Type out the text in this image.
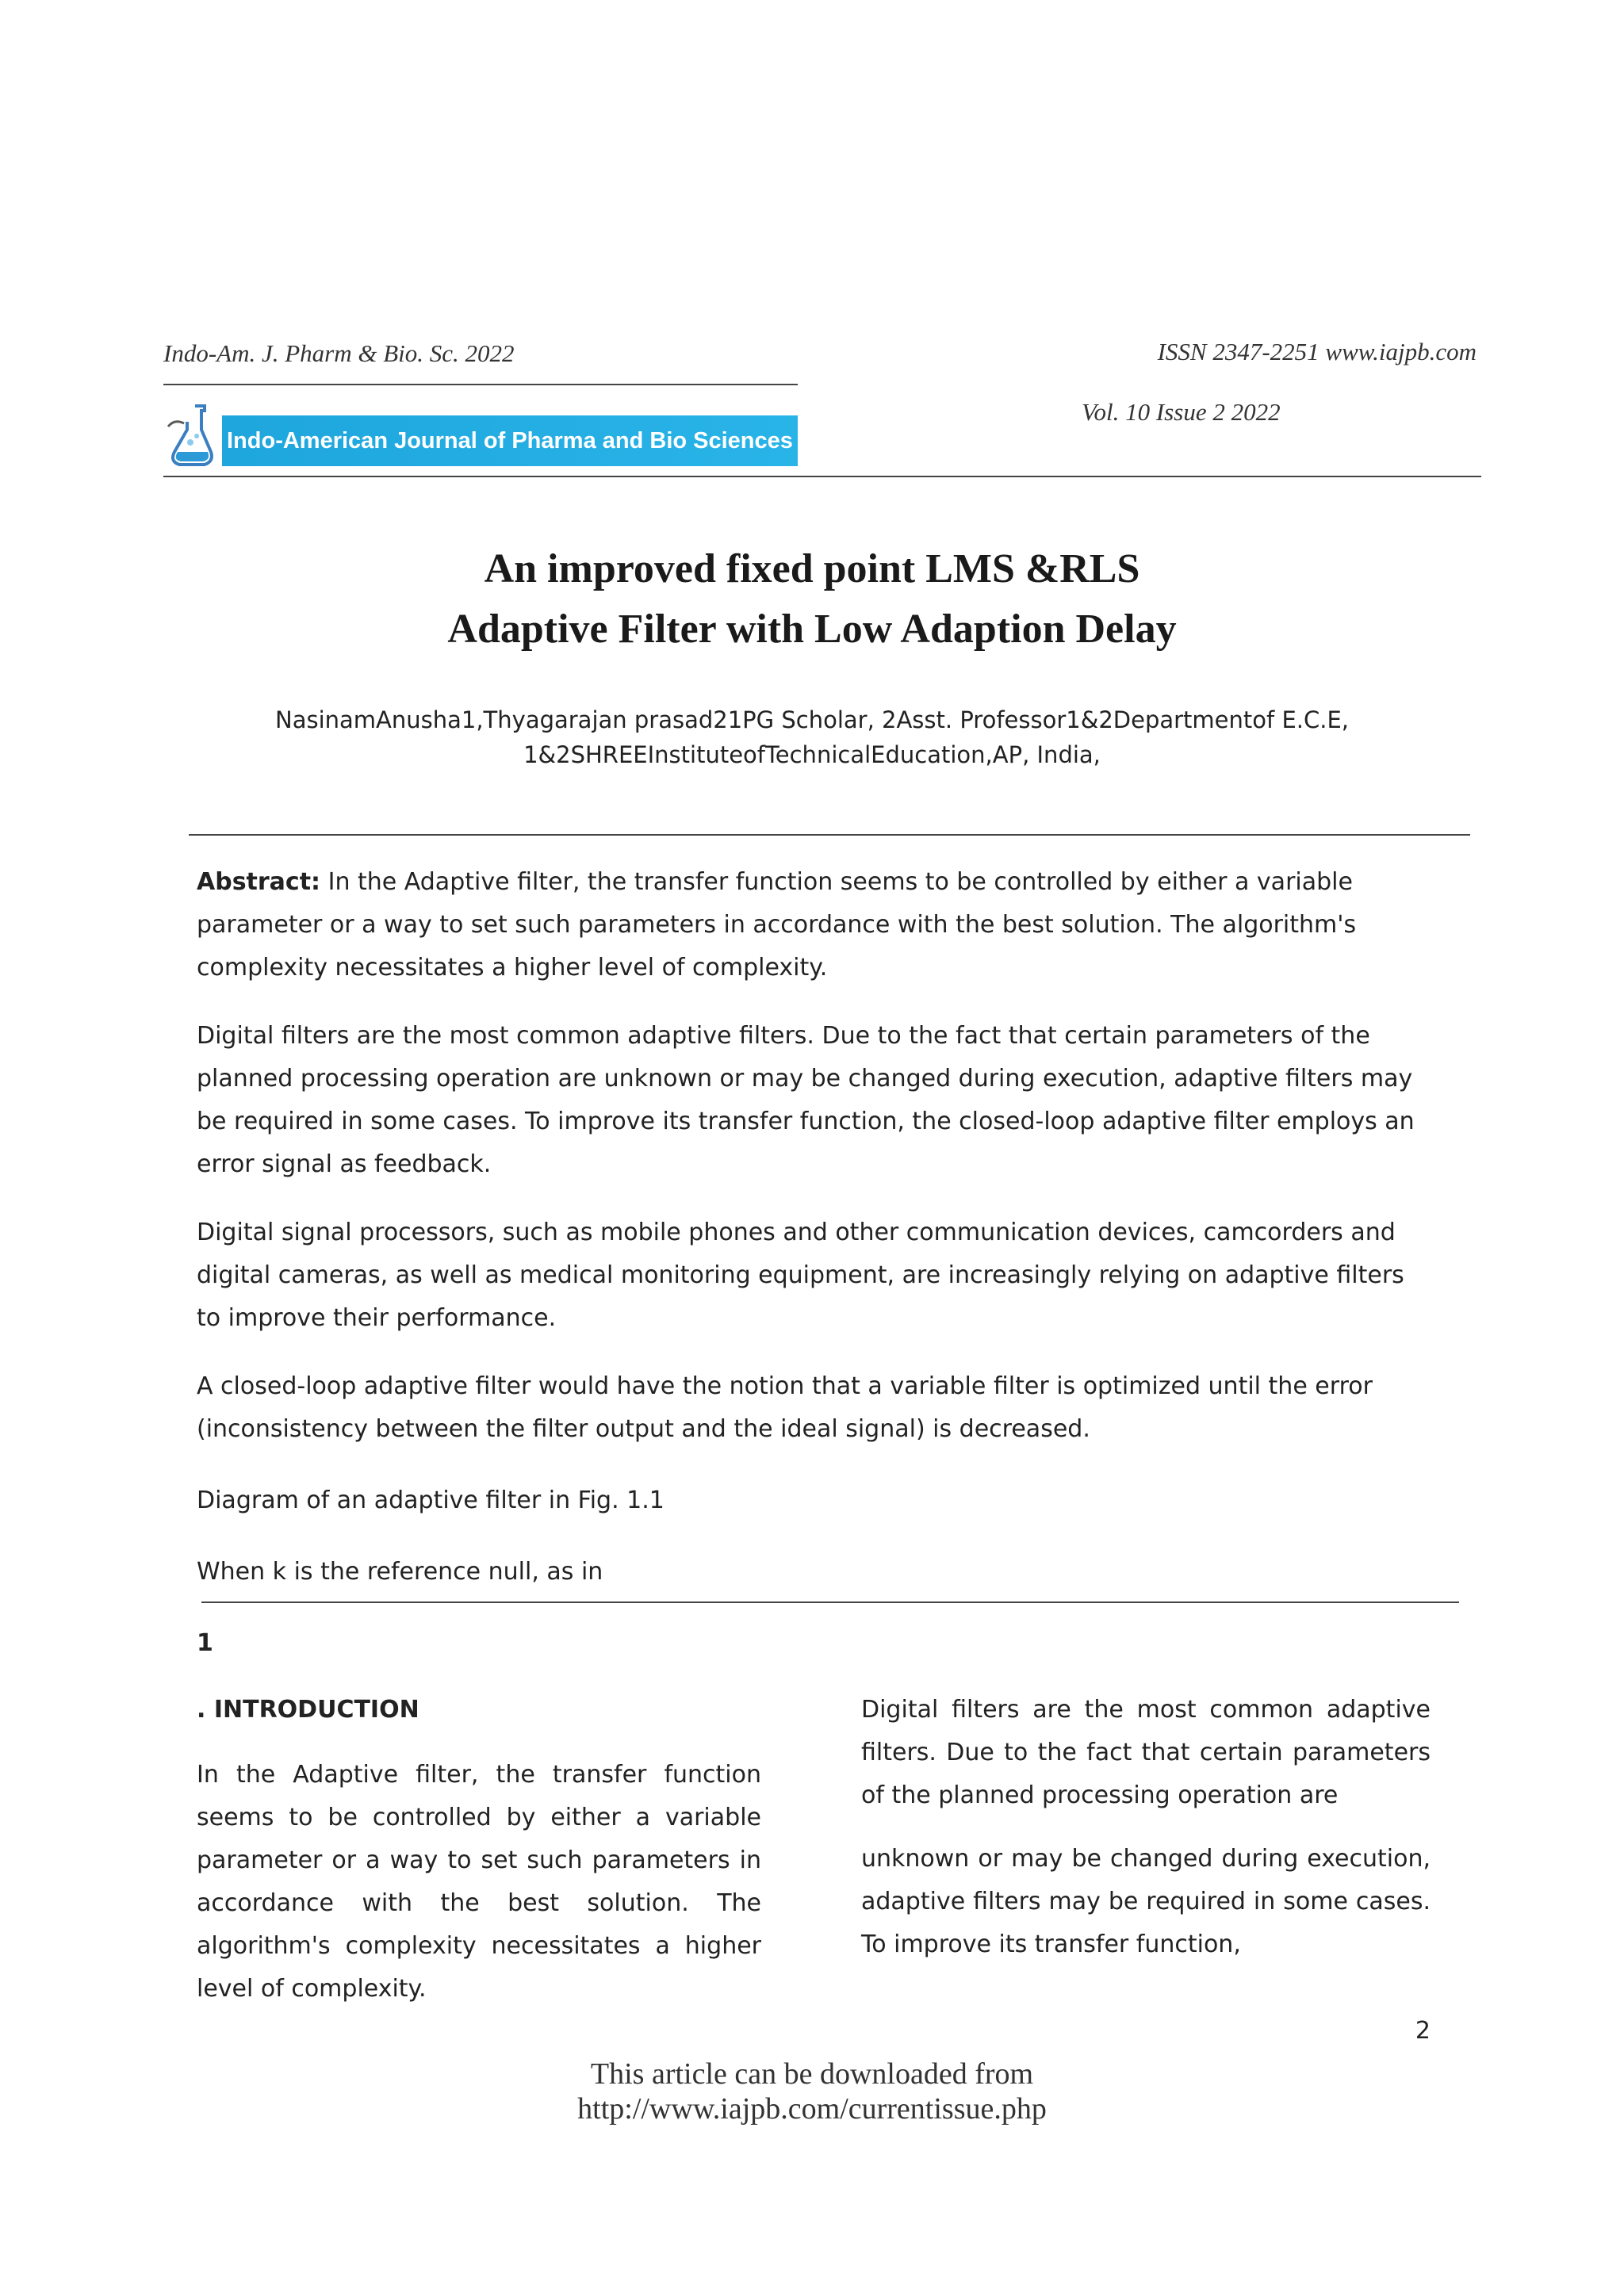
Indo-Am. J. Pharm & Bio. Sc. 2022	ISSN 2347-2251 www.iajpb.com
Vol. 10 Issue 2 2022
Indo-American Journal of Pharma and Bio Sciences
An improved fixed point LMS &RLS
Adaptive Filter with Low Adaption Delay
NasinamAnusha1,Thyagarajan prasad21PG Scholar, 2Asst. Professor1&2Departmentof E.C.E,
1&2SHREEInstituteofTechnicalEducation,AP, India,
Abstract: In the Adaptive filter, the transfer function seems to be controlled by either a variable parameter or a way to set such parameters in accordance with the best solution. The algorithm's complexity necessitates a higher level of complexity.
Digital filters are the most common adaptive filters. Due to the fact that certain parameters of the planned processing operation are unknown or may be changed during execution, adaptive filters may be required in some cases. To improve its transfer function, the closed-loop adaptive filter employs an error signal as feedback.
Digital signal processors, such as mobile phones and other communication devices, camcorders and digital cameras, as well as medical monitoring equipment, are increasingly relying on adaptive filters to improve their performance.
A closed-loop adaptive filter would have the notion that a variable filter is optimized until the error (inconsistency between the filter output and the ideal signal) is decreased.
Diagram of an adaptive filter in Fig. 1.1
When k is the reference null, as in
1
. INTRODUCTION
In the Adaptive filter, the transfer function seems to be controlled by either a variable parameter or a way to set such parameters in accordance with the best solution. The algorithm's complexity necessitates a higher level of complexity.
Digital filters are the most common adaptive filters. Due to the fact that certain parameters of the planned processing operation are
unknown or may be changed during execution, adaptive filters may be required in some cases. To improve its transfer function,
2
This article can be downloaded from
http://www.iajpb.com/currentissue.php
